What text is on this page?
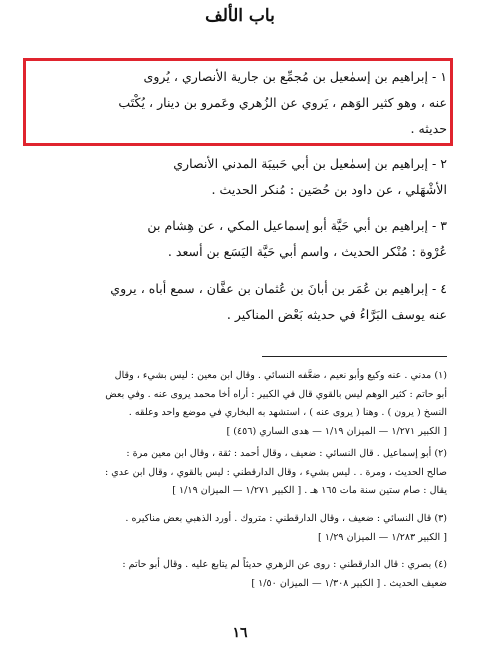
باب الألف
١ - إبراهيم بن إسمٰعيل بن مُجمِّع بن جارية الأنصاري ، يُروى
عنه ، وهو كثير الوَهم ، يَروي عن الزُهري وعَمرو بن دينار ، يُكْتَب
حديثه .
٢ - إبراهيم بن إسمٰعيل بن أبي حَبيبَة المدني الأنصاري
الأشْهَلي ، عن داود بن حُصَين : مُنكر الحديث .
٣ - إبراهيم بن أبي حَيَّة أبو إسماعيل المكي ، عن هِشام بن
عُرْوة : مُنْكر الحديث ، واسم أبي حَيَّة اليَسَع بن أسعد .
٤ - إبراهيم بن عُمَر بن أبانَ بن عُثمان بن عفَّان ، سمع أباه ، يروي
عنه يوسف البَرَّاءُ في حديثه بَعْض المناكير .
(١) مدني . عنه وكيع وأبو نعيم ، ضعَّفه النسائي . وقال ابن معين : ليس بشيء ، وقال
أبو حاتم : كثير الوهم ليس بالقوي قال في الكبير : أراه أخا محمد يروى عنه . وفي بعض
النسخ ( يرون ) . وهنا ( يروى عنه ) ، استشهد به البخاري في موضع واحد وعلقه .
[ الكبير ١/٢٧١ — الميزان ١/١٩ — هدى الساري (٤٥٦) ]
(٢) أبو إسماعيل . قال النسائي : ضعيف ، وقال أحمد : ثقة ، وقال ابن معين مرة :
صالح الحديث ، ومرة . . ليس بشيء ، وقال الدارقطني : ليس بالقوي ، وقال ابن عدي :
يقال : صام ستين سنة مات ١٦٥ هـ . [ الكبير ١/٢٧١ — الميزان ١/١٩ ]
(٣) قال النسائي : ضعيف ، وقال الدارقطني : متروك . أورد الذهبي بعض مناكيره .
[ الكبير ١/٢٨٣ — الميزان ١/٢٩ ]
(٤) بصري : قال الدارقطني : روى عن الزهري حديثاً لم يتابع عليه . وقال أبو حاتم :
ضعيف الحديث . [ الكبير ١/٣٠٨ — الميزان ١/٥٠ ]
١٦
